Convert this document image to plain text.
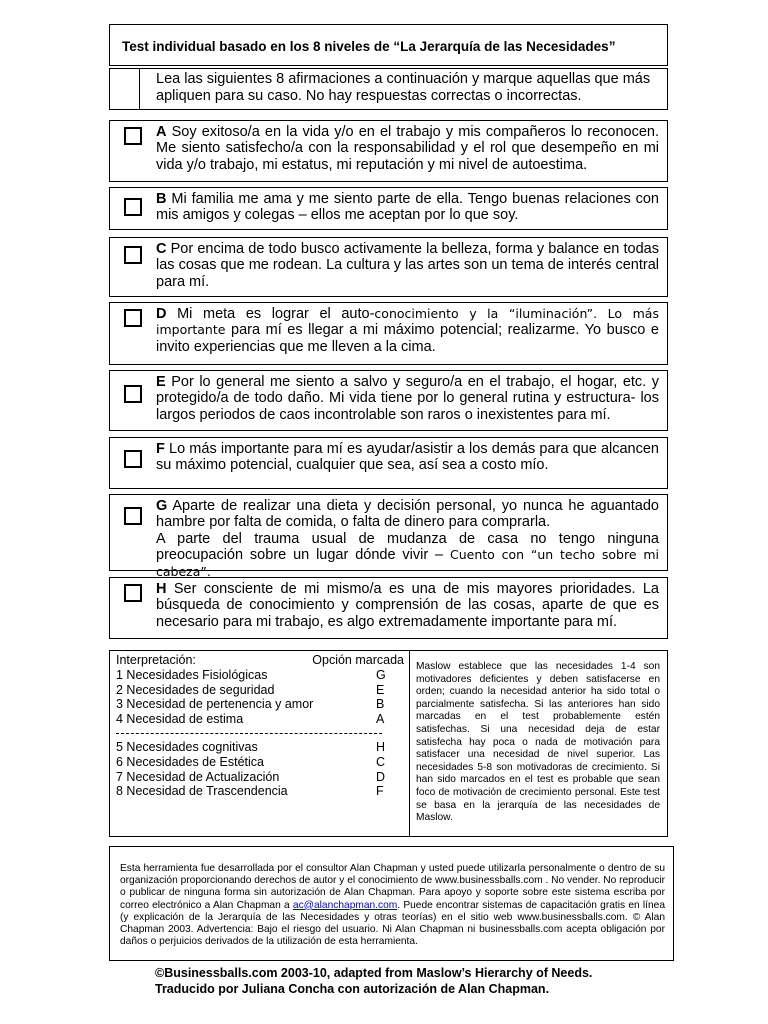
Test individual basado en los 8 niveles de “La Jerarquía de las Necesidades”
Lea las siguientes 8 afirmaciones a continuación y marque aquellas que más apliquen para su caso. No hay respuestas correctas o incorrectas.
A Soy exitoso/a en la vida y/o en el trabajo y mis compañeros lo reconocen. Me siento satisfecho/a con la responsabilidad y el rol que desempeño en mi vida y/o trabajo, mi estatus, mi reputación y mi nivel de autoestima.
B Mi familia me ama y me siento parte de ella. Tengo buenas relaciones con mis amigos y colegas – ellos me aceptan por lo que soy.
C Por encima de todo busco activamente la belleza, forma y balance en todas las cosas que me rodean. La cultura y las artes son un tema de interés central para mí.
D Mi meta es lograr el auto-conocimiento y la “iluminación”. Lo más importante para mí es llegar a mi máximo potencial; realizarme. Yo busco e invito experiencias que me lleven a la cima.
E Por lo general me siento a salvo y seguro/a en el trabajo, el hogar, etc. y protegido/a de todo daño. Mi vida tiene por lo general rutina y estructura- los largos periodos de caos incontrolable son raros o inexistentes para mí.
F Lo más importante para mí es ayudar/asistir a los demás para que alcancen su máximo potencial, cualquier que sea, así sea a costo mío.
G Aparte de realizar una dieta y decisión personal, yo nunca he aguantado hambre por falta de comida, o falta de dinero para comprarla.
A parte del trauma usual de mudanza de casa no tengo ninguna preocupación sobre un lugar dónde vivir – Cuento con “un techo sobre mi cabeza”.
H Ser consciente de mi mismo/a es una de mis mayores prioridades. La búsqueda de conocimiento y comprensión de las cosas, aparte de que es necesario para mi trabajo, es algo extremadamente importante para mí.
Interpretación:	Opción marcada
1 Necesidades Fisiológicas	G
2 Necesidades de seguridad	E
3 Necesidad de pertenencia y amor	B
4 Necesidad de estima	A
5 Necesidades cognitivas	H
6 Necesidades de Estética	C
7 Necesidad de Actualización	D
8 Necesidad de Trascendencia	F
Maslow establece que las necesidades 1-4 son motivadores deficientes y deben satisfacerse en orden; cuando la necesidad anterior ha sido total o parcialmente satisfecha. Si las anteriores han sido marcadas en el test probablemente estén satisfechas. Si una necesidad deja de estar satisfecha hay poca o nada de motivación para satisfacer una necesidad de nivel superior. Las necesidades 5-8 son motivadoras de crecimiento. Si han sido marcados en el test es probable que sean foco de motivación de crecimiento personal. Este test se basa en la jerarquía de las necesidades de Maslow.
Esta herramienta fue desarrollada por el consultor Alan Chapman y usted puede utilizarla personalmente o dentro de su organización proporcionando derechos de autor y el conocimiento de www.businessballs.com . No vender. No reproducir o publicar de ninguna forma sin autorización de Alan Chapman. Para apoyo y soporte sobre este sistema escriba por correo electrónico a Alan Chapman a ac@alanchapman.com. Puede encontrar sistemas de capacitación gratis en línea (y explicación de la Jerarquía de las Necesidades y otras teorías) en el sitio web www.businessballs.com. © Alan Chapman 2003. Advertencia: Bajo el riesgo del usuario. Ni Alan Chapman ni businessballs.com acepta obligación por daños o perjuicios derivados de la utilización de esta herramienta.
©Businessballs.com 2003-10, adapted from Maslow’s Hierarchy of Needs.
Traducido por Juliana Concha con autorización de Alan Chapman.
